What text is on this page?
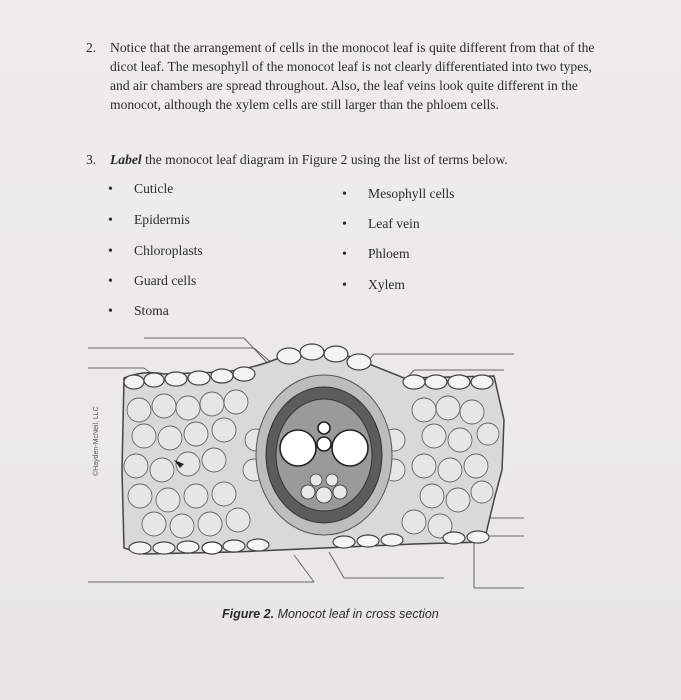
2. Notice that the arrangement of cells in the monocot leaf is quite different from that of the dicot leaf. The mesophyll of the monocot leaf is not clearly differentiated into two types, and air chambers are spread throughout. Also, the leaf veins look quite different in the monocot, although the xylem cells are still larger than the phloem cells.
3. Label the monocot leaf diagram in Figure 2 using the list of terms below.
• Cuticle
• Epidermis
• Chloroplasts
• Guard cells
• Stoma
• Mesophyll cells
• Leaf vein
• Phloem
• Xylem
©Hayden-McNeil, LLC
Figure 2. Monocot leaf in cross section
